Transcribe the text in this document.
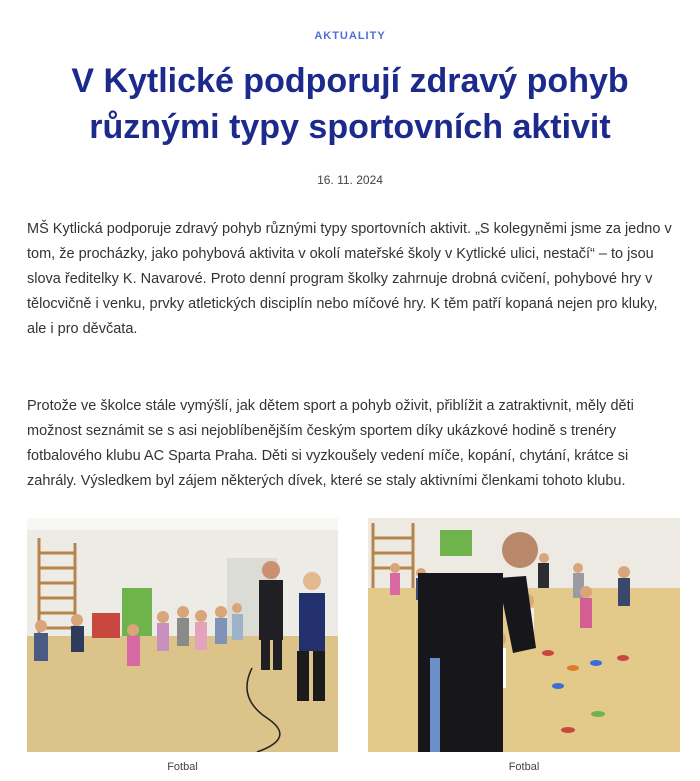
AKTUALITY
V Kytlické podporují zdravý pohyb různými typy sportovních aktivit
16. 11. 2024

MŠ Kytlická podporuje zdravý pohyb různými typy sportovních aktivit. „S kolegyněmi jsme za jedno v tom, že procházky, jako pohybová aktivita v okolí mateřské školy v Kytlické ulici, nestačí“ – to jsou slova ředitelky K. Navarové. Proto denní program školky zahrnuje drobná cvičení, pohybové hry v tělocvičně i venku, prvky atletických disciplín nebo míčové hry. K těm patří kopaná nejen pro kluky, ale i pro děvčata.

Protože ve školce stále vymýšlí, jak dětem sport a pohyb oživit, přiblížit a zatraktivnit, měly děti možnost seznámit se s asi nejoblíbenějším českým sportem díky ukázkové hodině s trenéry fotbalového klubu AC Sparta Praha. Děti si vyzkoušely vedení míče, kopání, chytání, krátce si zahrály. Výsledkem byl zájem některých dívek, které se staly aktivními členkami tohoto klubu.

Fotbal	Fotbal
